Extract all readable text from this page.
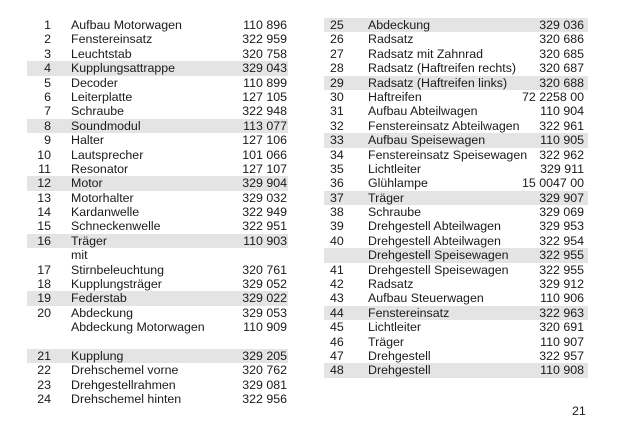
1 Aufbau Motorwagen	110 896
2 Fenstereinsatz	322 959
3 Leuchtstab	320 758
4 Kupplungsattrappe	329 043
5 Decoder	110 899
6 Leiterplatte	127 105
7 Schraube	322 948
8 Soundmodul	113 077
9 Halter	127 106
10 Lautsprecher	101 066
11 Resonator	127 107
12 Motor	329 904
13 Motorhalter	329 032
14 Kardanwelle	322 949
15 Schneckenwelle	322 951
16 Träger	110 903
mit
17 Stirnbeleuchtung	320 761
18 Kupplungsträger	329 052
19 Federstab	329 022
20 Abdeckung	329 053
Abdeckung Motorwagen	110 909
21 Kupplung	329 205
22 Drehschemel vorne	320 762
23 Drehgestellrahmen	329 081
24 Drehschemel hinten	322 956
25 Abdeckung	329 036
26 Radsatz	320 686
27 Radsatz mit Zahnrad	320 685
28 Radsatz (Haftreifen rechts) 320 687
29 Radsatz (Haftreifen links)	320 688
30 Haftreifen	72 2258 00
31 Aufbau Abteilwagen	110 904
32 Fenstereinsatz Abteilwagen 322 961
33 Aufbau Speisewagen	110 905
34 Fenstereinsatz Speisewagen 322 962
35 Lichtleiter	329 911
36 Glühlampe	15 0047 00
37 Träger	329 907
38 Schraube	329 069
39 Drehgestell Abteilwagen	329 953
40 Drehgestell Abteilwagen	322 954
Drehgestell Speisewagen 322 955
41 Drehgestell Speisewagen 322 955
42 Radsatz	329 912
43 Aufbau Steuerwagen	110 906
44 Fenstereinsatz	322 963
45 Lichtleiter	320 691
46 Träger	110 907
47 Drehgestell	322 957
48 Drehgestell	110 908
21
